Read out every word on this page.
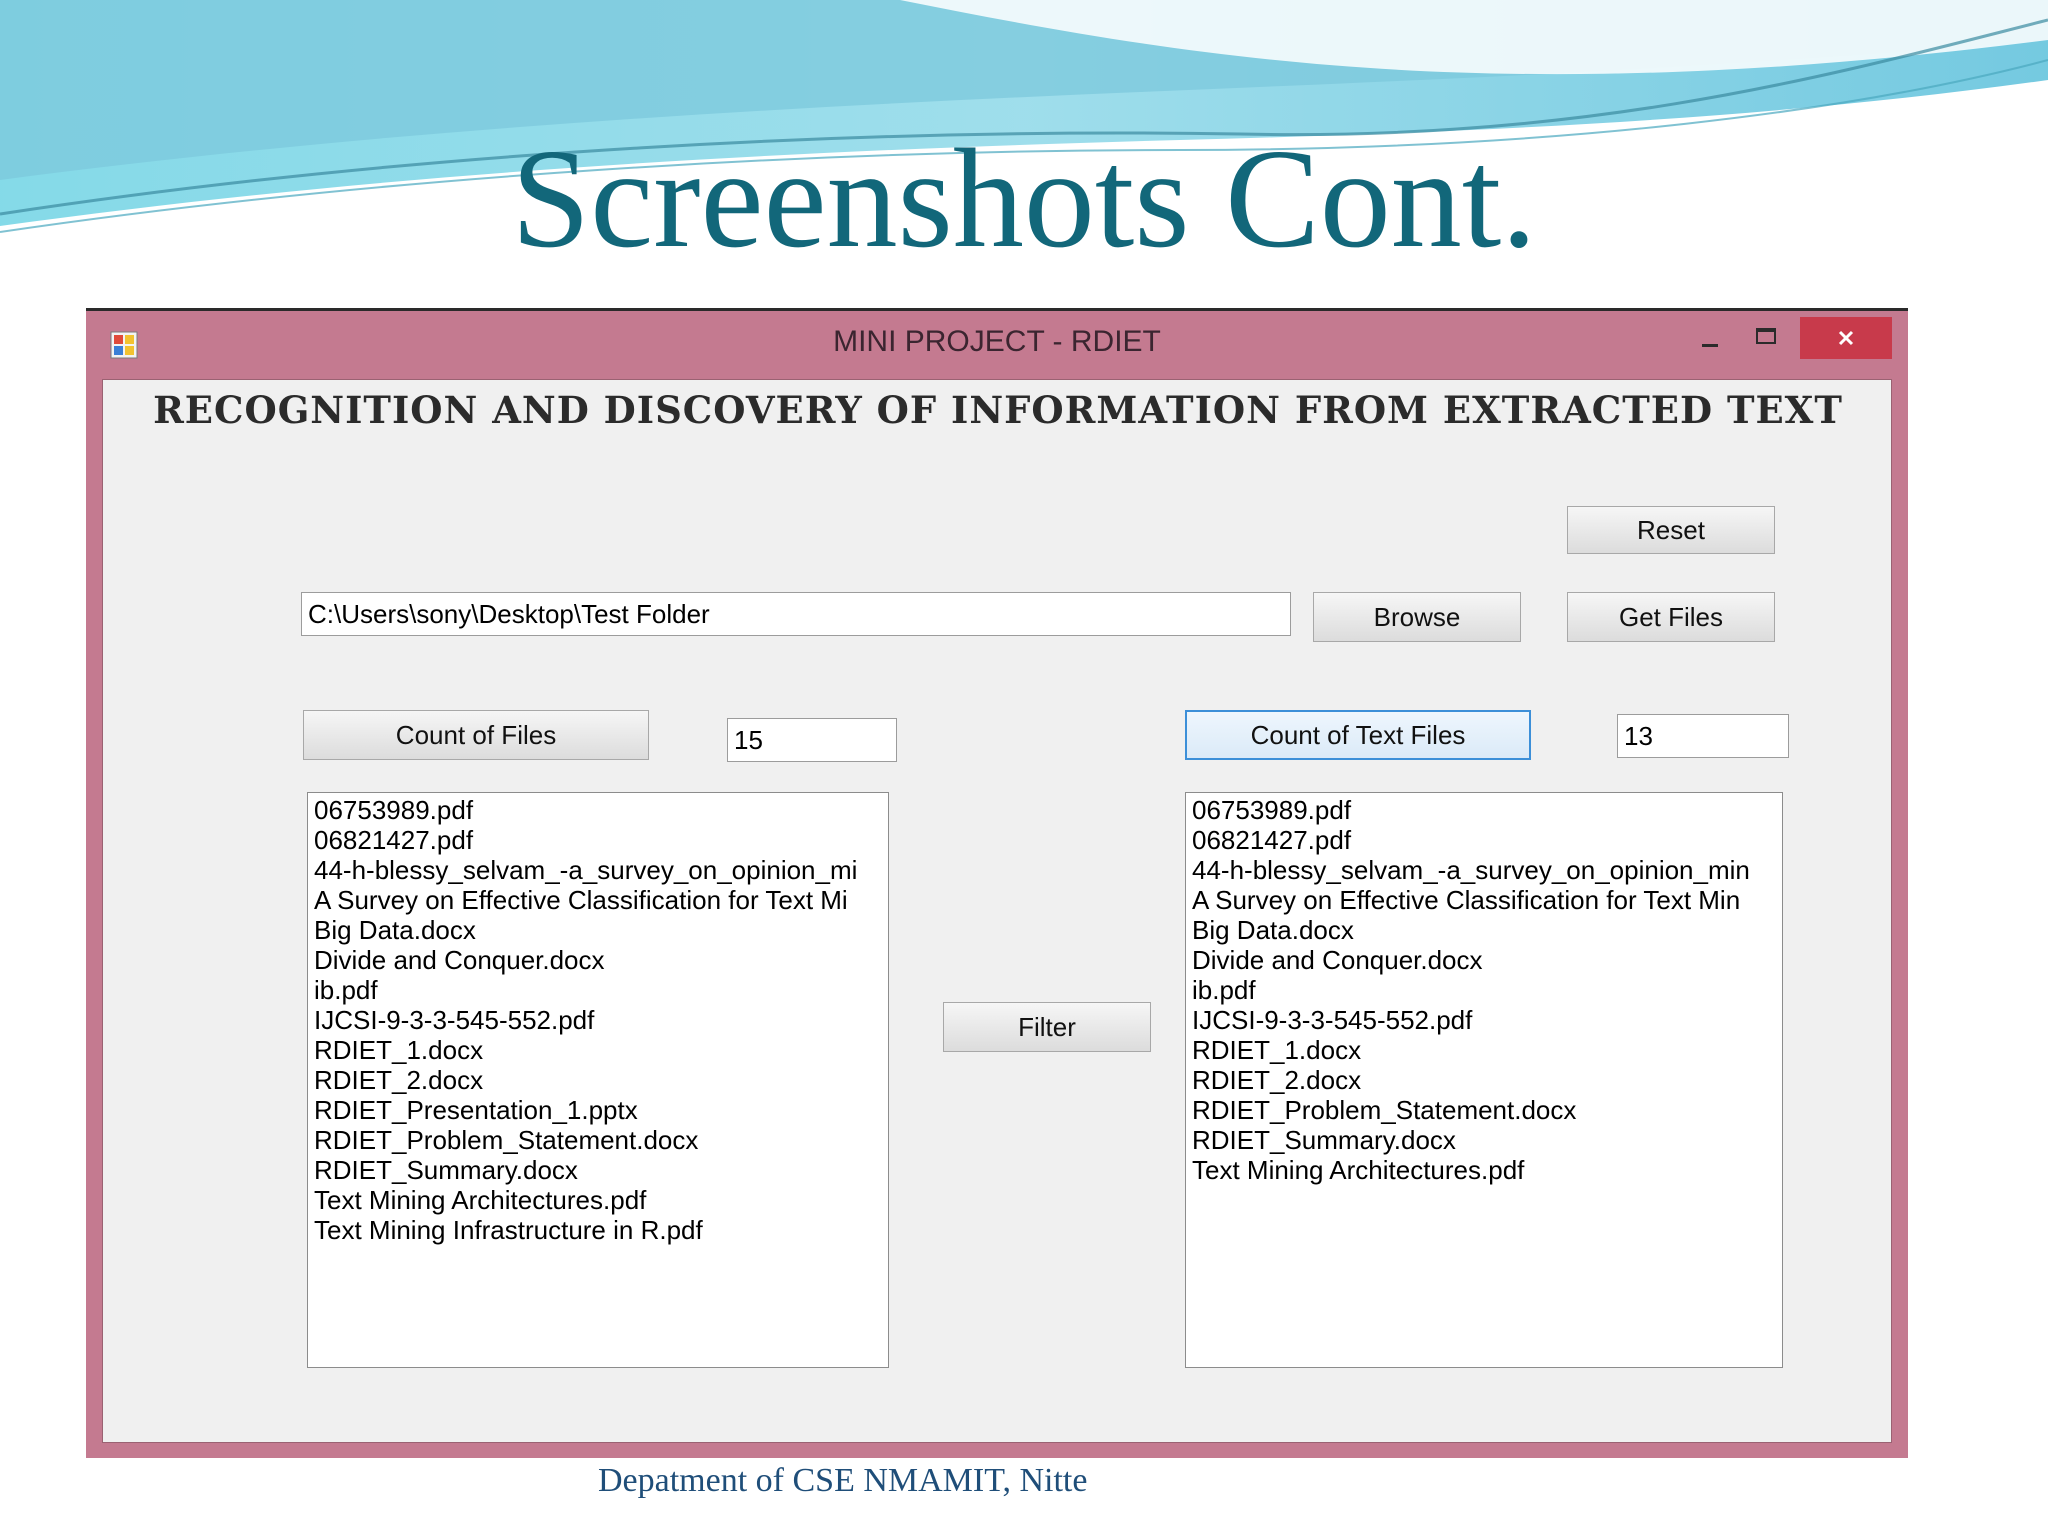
Screenshots Cont.
MINI PROJECT - RDIET
RECOGNITION AND DISCOVERY OF INFORMATION FROM EXTRACTED TEXT
Reset
C:\Users\sony\Desktop\Test Folder	Browse	Get Files
Count of Files	15	Count of Text Files	13
06753989.pdf
06821427.pdf
44-h-blessy_selvam_-a_survey_on_opinion_mi
A Survey on Effective Classification for Text Mi
Big Data.docx
Divide and Conquer.docx
ib.pdf
IJCSI-9-3-3-545-552.pdf
RDIET_1.docx
RDIET_2.docx
RDIET_Presentation_1.pptx
RDIET_Problem_Statement.docx
RDIET_Summary.docx
Text Mining Architectures.pdf
Text Mining Infrastructure in R.pdf
Filter
06753989.pdf
06821427.pdf
44-h-blessy_selvam_-a_survey_on_opinion_min
A Survey on Effective Classification for Text Min
Big Data.docx
Divide and Conquer.docx
ib.pdf
IJCSI-9-3-3-545-552.pdf
RDIET_1.docx
RDIET_2.docx
RDIET_Problem_Statement.docx
RDIET_Summary.docx
Text Mining Architectures.pdf
Depatment of CSE NMAMIT, Nitte
